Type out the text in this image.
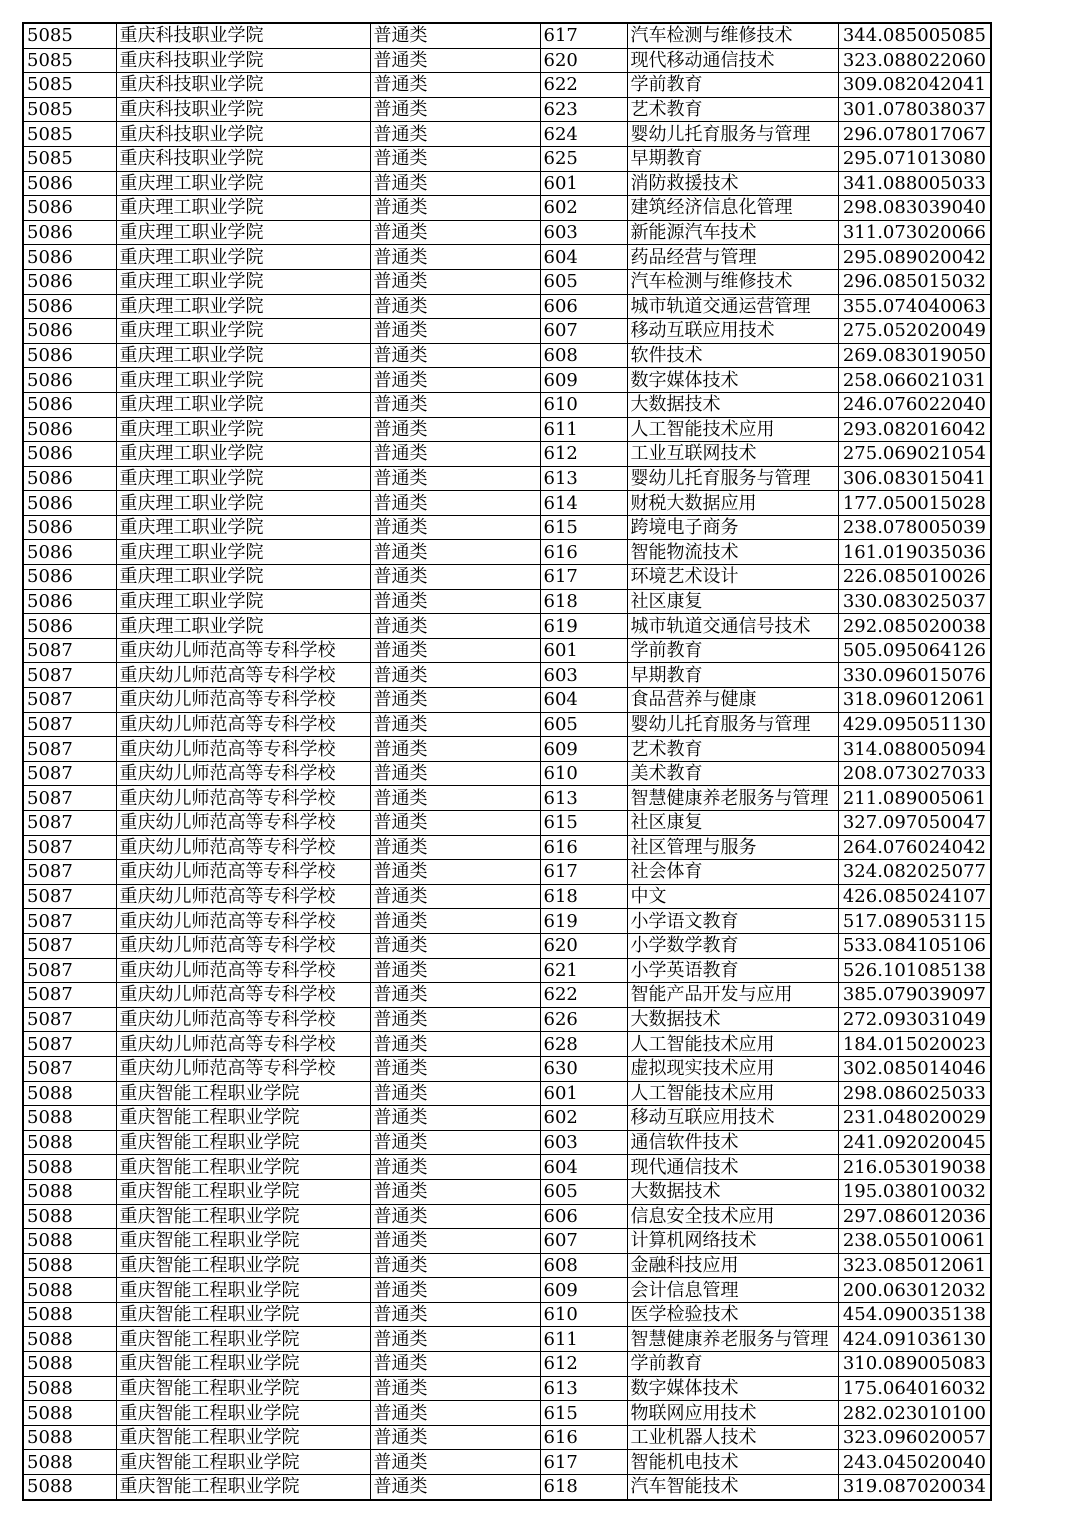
5085	重庆科技职业学院	普通类	617	汽车检测与维修技术	344.085005085
5085	重庆科技职业学院	普通类	620	现代移动通信技术	323.088022060
5085	重庆科技职业学院	普通类	622	学前教育	309.082042041
5085	重庆科技职业学院	普通类	623	艺术教育	301.078038037
5085	重庆科技职业学院	普通类	624	婴幼儿托育服务与管理	296.078017067
5085	重庆科技职业学院	普通类	625	早期教育	295.071013080
5086	重庆理工职业学院	普通类	601	消防救援技术	341.088005033
5086	重庆理工职业学院	普通类	602	建筑经济信息化管理	298.083039040
5086	重庆理工职业学院	普通类	603	新能源汽车技术	311.073020066
5086	重庆理工职业学院	普通类	604	药品经营与管理	295.089020042
5086	重庆理工职业学院	普通类	605	汽车检测与维修技术	296.085015032
5086	重庆理工职业学院	普通类	606	城市轨道交通运营管理	355.074040063
5086	重庆理工职业学院	普通类	607	移动互联应用技术	275.052020049
5086	重庆理工职业学院	普通类	608	软件技术	269.083019050
5086	重庆理工职业学院	普通类	609	数字媒体技术	258.066021031
5086	重庆理工职业学院	普通类	610	大数据技术	246.076022040
5086	重庆理工职业学院	普通类	611	人工智能技术应用	293.082016042
5086	重庆理工职业学院	普通类	612	工业互联网技术	275.069021054
5086	重庆理工职业学院	普通类	613	婴幼儿托育服务与管理	306.083015041
5086	重庆理工职业学院	普通类	614	财税大数据应用	177.050015028
5086	重庆理工职业学院	普通类	615	跨境电子商务	238.078005039
5086	重庆理工职业学院	普通类	616	智能物流技术	161.019035036
5086	重庆理工职业学院	普通类	617	环境艺术设计	226.085010026
5086	重庆理工职业学院	普通类	618	社区康复	330.083025037
5086	重庆理工职业学院	普通类	619	城市轨道交通信号技术	292.085020038
5087	重庆幼儿师范高等专科学校	普通类	601	学前教育	505.095064126
5087	重庆幼儿师范高等专科学校	普通类	603	早期教育	330.096015076
5087	重庆幼儿师范高等专科学校	普通类	604	食品营养与健康	318.096012061
5087	重庆幼儿师范高等专科学校	普通类	605	婴幼儿托育服务与管理	429.095051130
5087	重庆幼儿师范高等专科学校	普通类	609	艺术教育	314.088005094
5087	重庆幼儿师范高等专科学校	普通类	610	美术教育	208.073027033
5087	重庆幼儿师范高等专科学校	普通类	613	智慧健康养老服务与管理	211.089005061
5087	重庆幼儿师范高等专科学校	普通类	615	社区康复	327.097050047
5087	重庆幼儿师范高等专科学校	普通类	616	社区管理与服务	264.076024042
5087	重庆幼儿师范高等专科学校	普通类	617	社会体育	324.082025077
5087	重庆幼儿师范高等专科学校	普通类	618	中文	426.085024107
5087	重庆幼儿师范高等专科学校	普通类	619	小学语文教育	517.089053115
5087	重庆幼儿师范高等专科学校	普通类	620	小学数学教育	533.084105106
5087	重庆幼儿师范高等专科学校	普通类	621	小学英语教育	526.101085138
5087	重庆幼儿师范高等专科学校	普通类	622	智能产品开发与应用	385.079039097
5087	重庆幼儿师范高等专科学校	普通类	626	大数据技术	272.093031049
5087	重庆幼儿师范高等专科学校	普通类	628	人工智能技术应用	184.015020023
5087	重庆幼儿师范高等专科学校	普通类	630	虚拟现实技术应用	302.085014046
5088	重庆智能工程职业学院	普通类	601	人工智能技术应用	298.086025033
5088	重庆智能工程职业学院	普通类	602	移动互联应用技术	231.048020029
5088	重庆智能工程职业学院	普通类	603	通信软件技术	241.092020045
5088	重庆智能工程职业学院	普通类	604	现代通信技术	216.053019038
5088	重庆智能工程职业学院	普通类	605	大数据技术	195.038010032
5088	重庆智能工程职业学院	普通类	606	信息安全技术应用	297.086012036
5088	重庆智能工程职业学院	普通类	607	计算机网络技术	238.055010061
5088	重庆智能工程职业学院	普通类	608	金融科技应用	323.085012061
5088	重庆智能工程职业学院	普通类	609	会计信息管理	200.063012032
5088	重庆智能工程职业学院	普通类	610	医学检验技术	454.090035138
5088	重庆智能工程职业学院	普通类	611	智慧健康养老服务与管理	424.091036130
5088	重庆智能工程职业学院	普通类	612	学前教育	310.089005083
5088	重庆智能工程职业学院	普通类	613	数字媒体技术	175.064016032
5088	重庆智能工程职业学院	普通类	615	物联网应用技术	282.023010100
5088	重庆智能工程职业学院	普通类	616	工业机器人技术	323.096020057
5088	重庆智能工程职业学院	普通类	617	智能机电技术	243.045020040
5088	重庆智能工程职业学院	普通类	618	汽车智能技术	319.087020034
